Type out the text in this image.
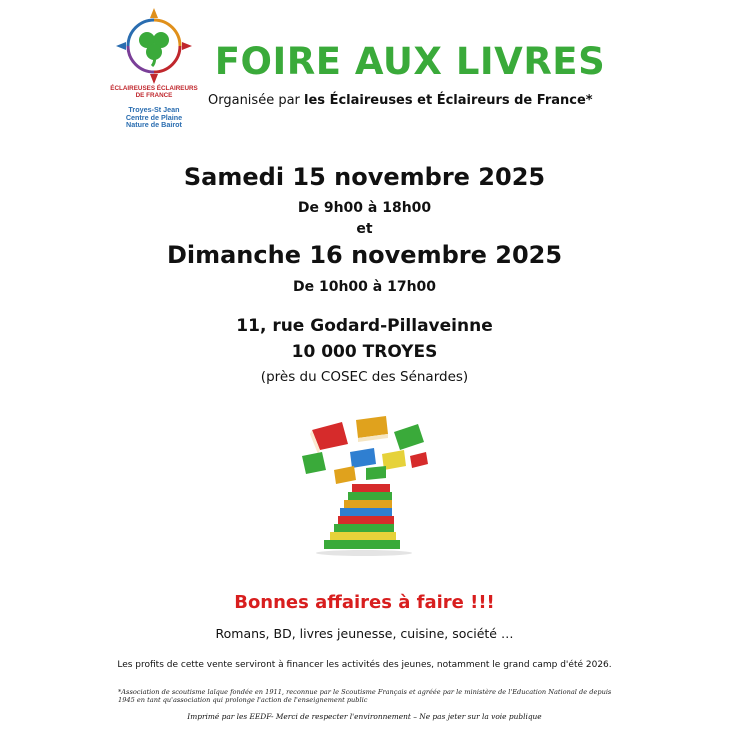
ÉCLAIREUSES ÉCLAIREURS DE FRANCE
Troyes-St Jean
Centre de Plaine
Nature de Bairot
FOIRE AUX LIVRES
Organisée par les Éclaireuses et Éclaireurs de France*
Samedi 15 novembre 2025
De 9h00 à 18h00
et
Dimanche 16 novembre 2025
De 10h00 à 17h00
11, rue Godard-Pillaveinne
10 000 TROYES
(près du COSEC des Sénardes)
Bonnes affaires à faire !!!
Romans, BD, livres jeunesse, cuisine, société …
Les profits de cette vente serviront à financer les activités des jeunes, notamment le grand camp d'été 2026.
*Association de scoutisme laïque fondée en 1911, reconnue par le Scoutisme Français et agréée par le ministère de l'Education National de depuis 1945 en tant qu'association qui prolonge l'action de l'enseignement public
Imprimé par les EEDF- Merci de respecter l'environnement – Ne pas jeter sur la voie publique
